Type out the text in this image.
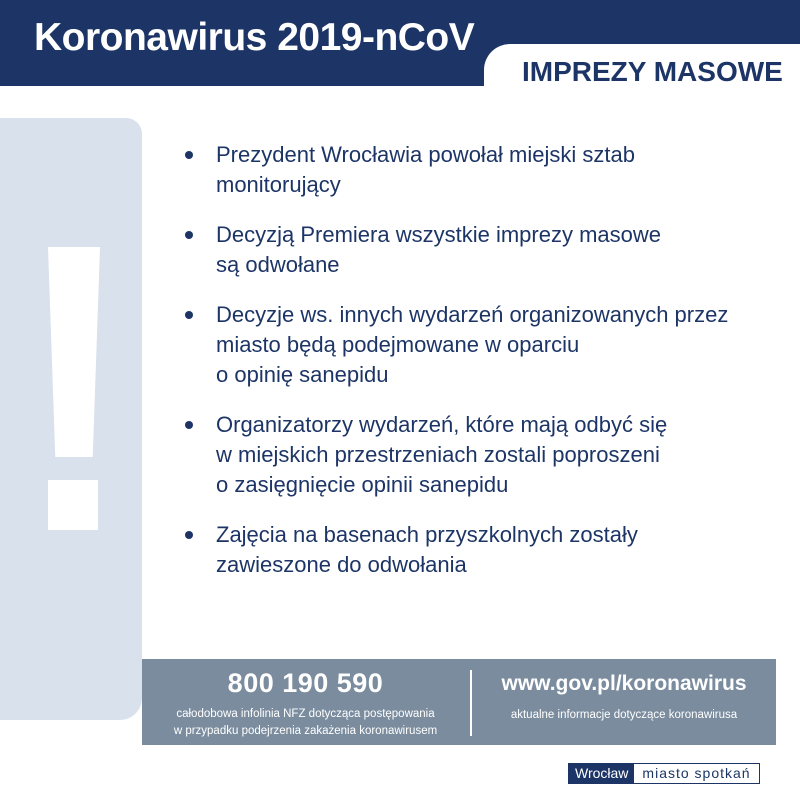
Koronawirus 2019-nCoV
IMPREZY MASOWE
Prezydent Wrocławia powołał miejski sztab
monitorujący
Decyzją Premiera wszystkie imprezy masowe
są odwołane
Decyzje ws. innych wydarzeń organizowanych przez
miasto będą podejmowane w oparciu
o opinię sanepidu
Organizatorzy wydarzeń, które mają odbyć się
w miejskich przestrzeniach zostali poproszeni
o zasięgnięcie opinii sanepidu
Zajęcia na basenach przyszkolnych zostały
zawieszone do odwołania
800 190 590
całodobowa infolinia NFZ dotycząca postępowania
w przypadku podejrzenia zakażenia koronawirusem
www.gov.pl/koronawirus
aktualne informacje dotyczące koronawirusa
Wrocław	miasto spotkań
